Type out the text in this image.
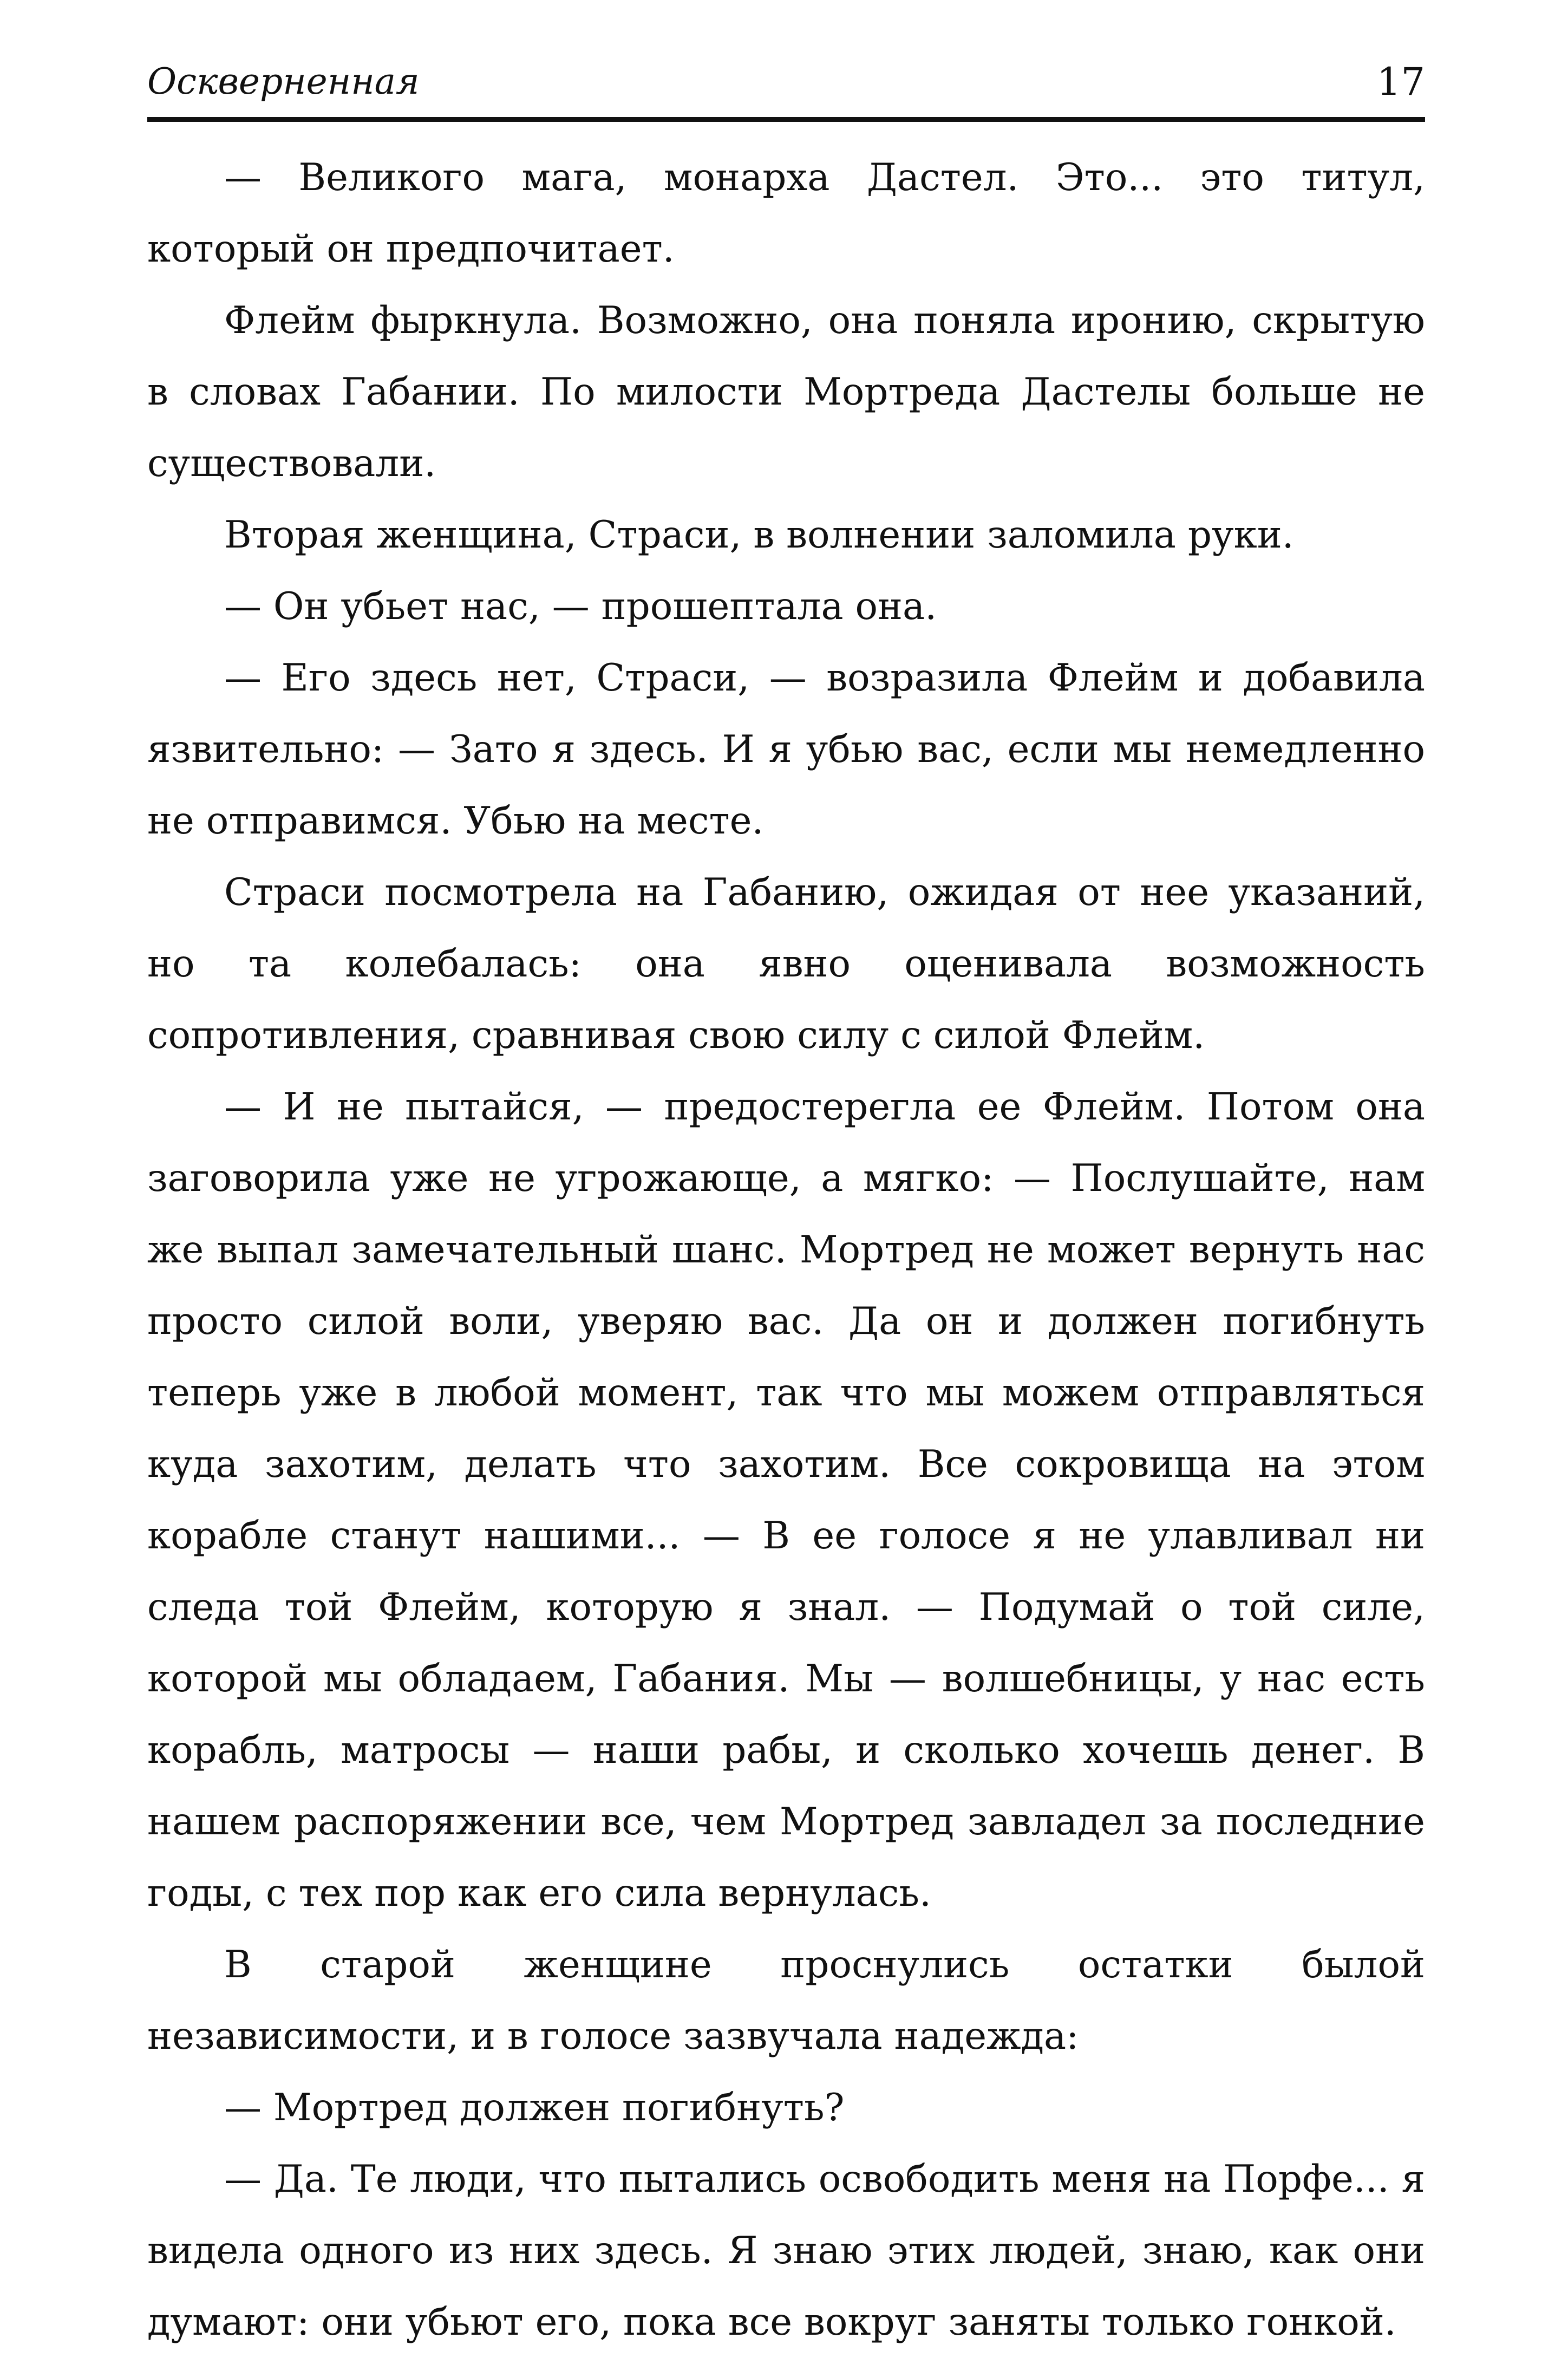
Оскверненная	17

— Великого мага, монарха Дастел. Это... это титул, который он предпочитает.

Флейм фыркнула. Возможно, она поняла иронию, скрытую в словах Габании. По милости Мортреда Дастелы больше не существовали.

Вторая женщина, Страси, в волнении заломила руки.

— Он убьет нас, — прошептала она.

— Его здесь нет, Страси, — возразила Флейм и добавила язвительно: — Зато я здесь. И я убью вас, если мы немедленно не отправимся. Убью на месте.

Страси посмотрела на Габанию, ожидая от нее указаний, но та колебалась: она явно оценивала возможность сопротивления, сравнивая свою силу с силой Флейм.

— И не пытайся, — предостерегла ее Флейм. Потом она заговорила уже не угрожающе, а мягко: — Послушайте, нам же выпал замечательный шанс. Мортред не может вернуть нас просто силой воли, уверяю вас. Да он и должен погибнуть теперь уже в любой момент, так что мы можем отправляться куда захотим, делать что захотим. Все сокровища на этом корабле станут нашими... — В ее голосе я не улавливал ни следа той Флейм, которую я знал. — Подумай о той силе, которой мы обладаем, Габания. Мы — волшебницы, у нас есть корабль, матросы — наши рабы, и сколько хочешь денег. В нашем распоряжении все, чем Мортред завладел за последние годы, с тех пор как его сила вернулась.

В старой женщине проснулись остатки былой независимости, и в голосе зазвучала надежда:

— Мортред должен погибнуть?

— Да. Те люди, что пытались освободить меня на Порфе... я видела одного из них здесь. Я знаю этих людей, знаю, как они думают: они убьют его, пока все вокруг заняты только гонкой.
